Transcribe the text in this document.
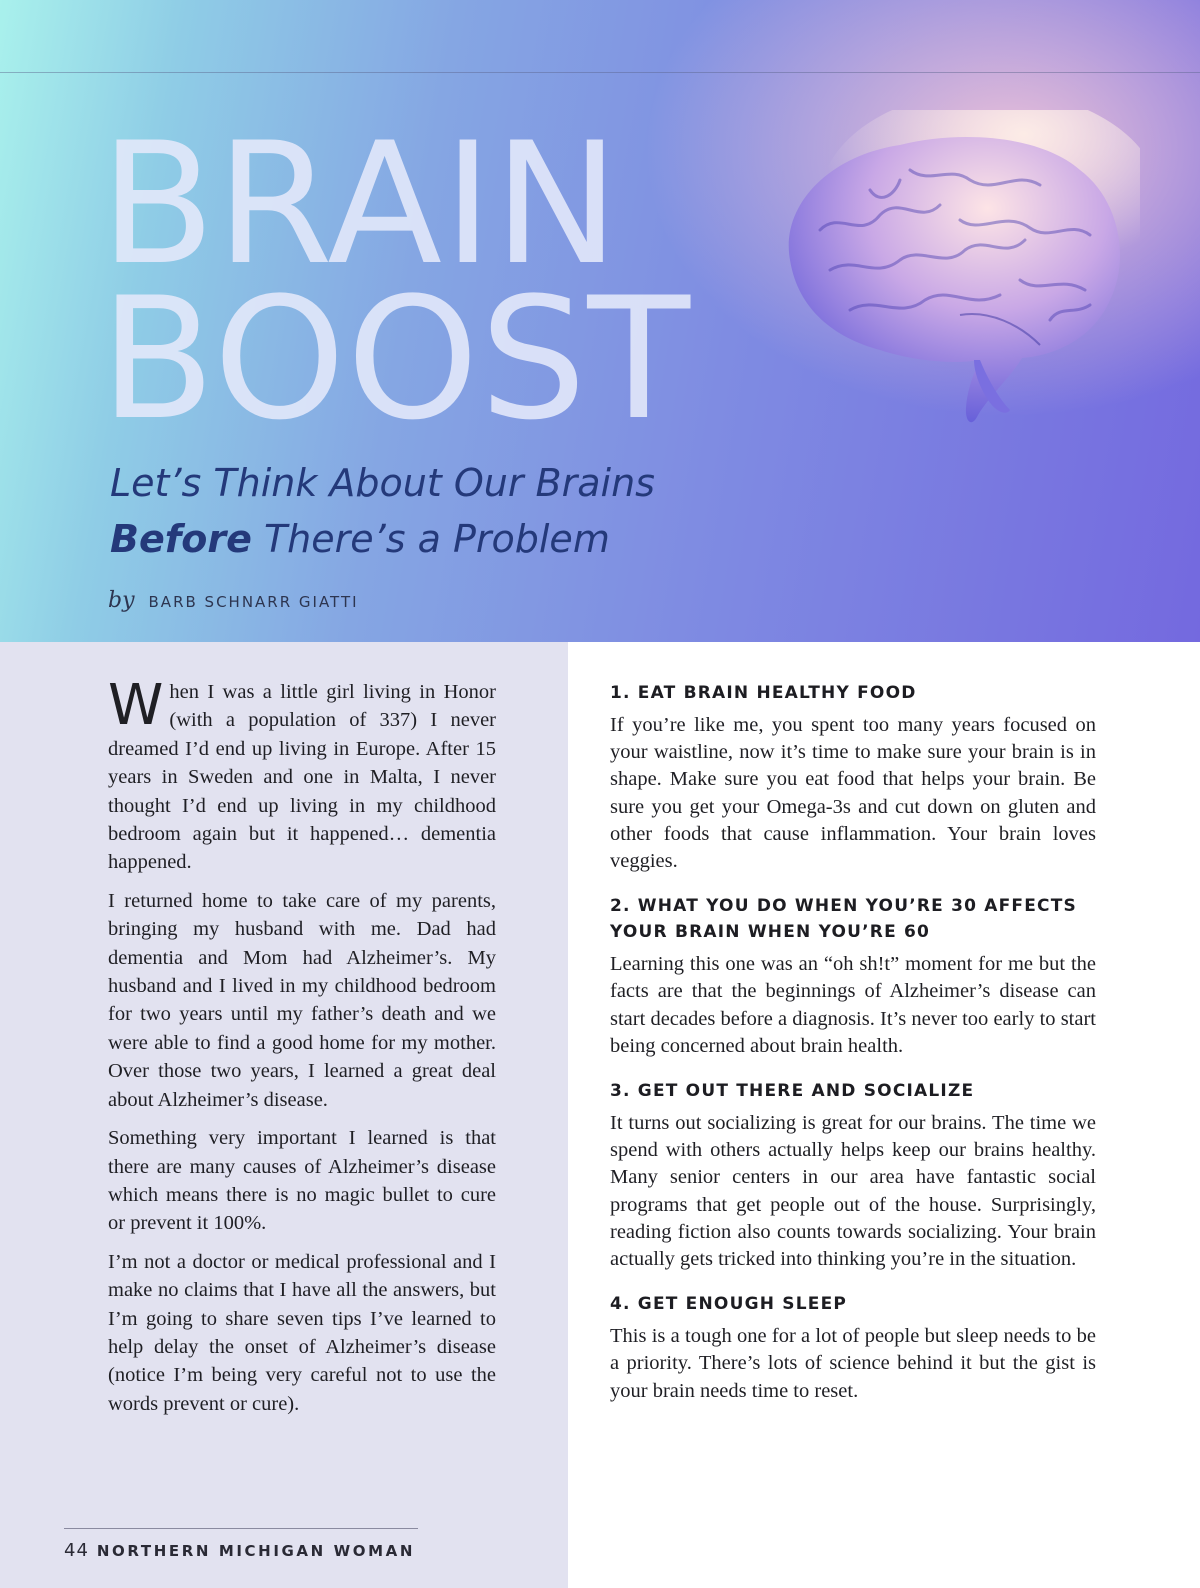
BRAIN
BOOST
Let’s Think About Our Brains
Before There’s a Problem
by BARB SCHNARR GIATTI

When I was a little girl living in Honor (with a population of 337) I never dreamed I’d end up living in Europe. After 15 years in Sweden and one in Malta, I never thought I’d end up living in my childhood bedroom again but it happened… dementia happened.

I returned home to take care of my parents, bringing my husband with me. Dad had dementia and Mom had Alzheimer’s. My husband and I lived in my childhood bedroom for two years until my father’s death and we were able to find a good home for my mother. Over those two years, I learned a great deal about Alzheimer’s disease.

Something very important I learned is that there are many causes of Alzheimer’s disease which means there is no magic bullet to cure or prevent it 100%.

I’m not a doctor or medical professional and I make no claims that I have all the answers, but I’m going to share seven tips I’ve learned to help delay the onset of Alzheimer’s disease (notice I’m being very careful not to use the words prevent or cure).

1. EAT BRAIN HEALTHY FOOD

If you’re like me, you spent too many years focused on your waistline, now it’s time to make sure your brain is in shape. Make sure you eat food that helps your brain. Be sure you get your Omega-3s and cut down on gluten and other foods that cause inflammation. Your brain loves veggies.

2. WHAT YOU DO WHEN YOU’RE 30 AFFECTS YOUR BRAIN WHEN YOU’RE 60

Learning this one was an “oh sh!t” moment for me but the facts are that the beginnings of Alzheimer’s disease can start decades before a diagnosis. It’s never too early to start being concerned about brain health.

3. GET OUT THERE AND SOCIALIZE

It turns out socializing is great for our brains. The time we spend with others actually helps keep our brains healthy. Many senior centers in our area have fantastic social programs that get people out of the house. Surprisingly, reading fiction also counts towards socializing. Your brain actually gets tricked into thinking you’re in the situation.

4. GET ENOUGH SLEEP

This is a tough one for a lot of people but sleep needs to be a priority. There’s lots of science behind it but the gist is your brain needs time to reset.

44 NORTHERN MICHIGAN WOMAN
